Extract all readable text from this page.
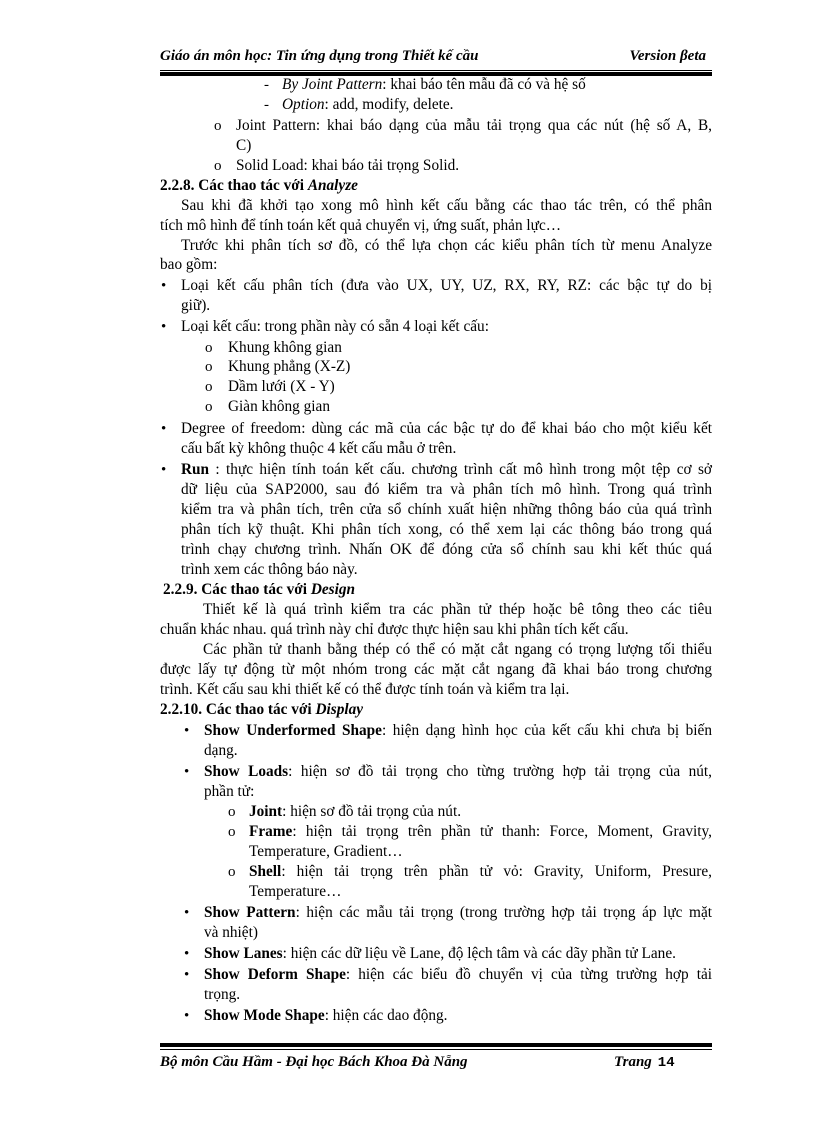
Giáo án môn học: Tin ứng dụng trong Thiết kế cầu	Version βeta
- By Joint Pattern: khai báo tên mẫu đã có và hệ số
- Option: add, modify, delete.
o Joint Pattern: khai báo dạng của mẫu tải trọng qua các nút (hệ số A, B,
C)
o Solid Load: khai báo tải trọng Solid.
2.2.8. Các thao tác với Analyze
Sau khi đã khởi tạo xong mô hình kết cấu bằng các thao tác trên, có thể phân
tích mô hình để tính toán kết quả chuyển vị, ứng suất, phản lực…
Trước khi phân tích sơ đồ, có thể lựa chọn các kiểu phân tích từ menu Analyze
bao gồm:
• Loại kết cấu phân tích (đưa vào UX, UY, UZ, RX, RY, RZ: các bậc tự do bị
giữ).
• Loại kết cấu: trong phần này có sẵn 4 loại kết cấu:
o Khung không gian
o Khung phẳng (X-Z)
o Dầm lưới (X - Y)
o Giàn không gian
• Degree of freedom: dùng các mã của các bậc tự do để khai báo cho một kiểu kết
cấu bất kỳ không thuộc 4 kết cấu mẫu ở trên.
• Run : thực hiện tính toán kết cấu. chương trình cất mô hình trong một tệp cơ sở
dữ liệu của SAP2000, sau đó kiểm tra và phân tích mô hình. Trong quá trình
kiểm tra và phân tích, trên cửa sổ chính xuất hiện những thông báo của quá trình
phân tích kỹ thuật. Khi phân tích xong, có thể xem lại các thông báo trong quá
trình chạy chương trình. Nhấn OK để đóng cửa sổ chính sau khi kết thúc quá
trình xem các thông báo này.
2.2.9. Các thao tác với Design
Thiết kế là quá trình kiểm tra các phần tử thép hoặc bê tông theo các tiêu
chuẩn khác nhau. quá trình này chỉ được thực hiện sau khi phân tích kết cấu.
Các phần tử thanh bằng thép có thể có mặt cắt ngang có trọng lượng tối thiểu
được lấy tự động từ một nhóm trong các mặt cắt ngang đã khai báo trong chương
trình. Kết cấu sau khi thiết kế có thể được tính toán và kiểm tra lại.
2.2.10. Các thao tác với Display
• Show Underformed Shape: hiện dạng hình học của kết cấu khi chưa bị biến
dạng.
• Show Loads: hiện sơ đồ tải trọng cho từng trường hợp tải trọng của nút,
phần tử:
o Joint: hiện sơ đồ tải trọng của nút.
o Frame: hiện tải trọng trên phần tử thanh: Force, Moment, Gravity,
Temperature, Gradient…
o Shell: hiện tải trọng trên phần tử vỏ: Gravity, Uniform, Presure,
Temperature…
• Show Pattern: hiện các mẫu tải trọng (trong trường hợp tải trọng áp lực mặt
và nhiệt)
• Show Lanes: hiện các dữ liệu về Lane, độ lệch tâm và các dãy phần tử Lane.
• Show Deform Shape: hiện các biểu đồ chuyển vị của từng trường hợp tải
trọng.
• Show Mode Shape: hiện các dao động.
Bộ môn Cầu Hầm - Đại học Bách Khoa Đà Nẵng	Trang 14
